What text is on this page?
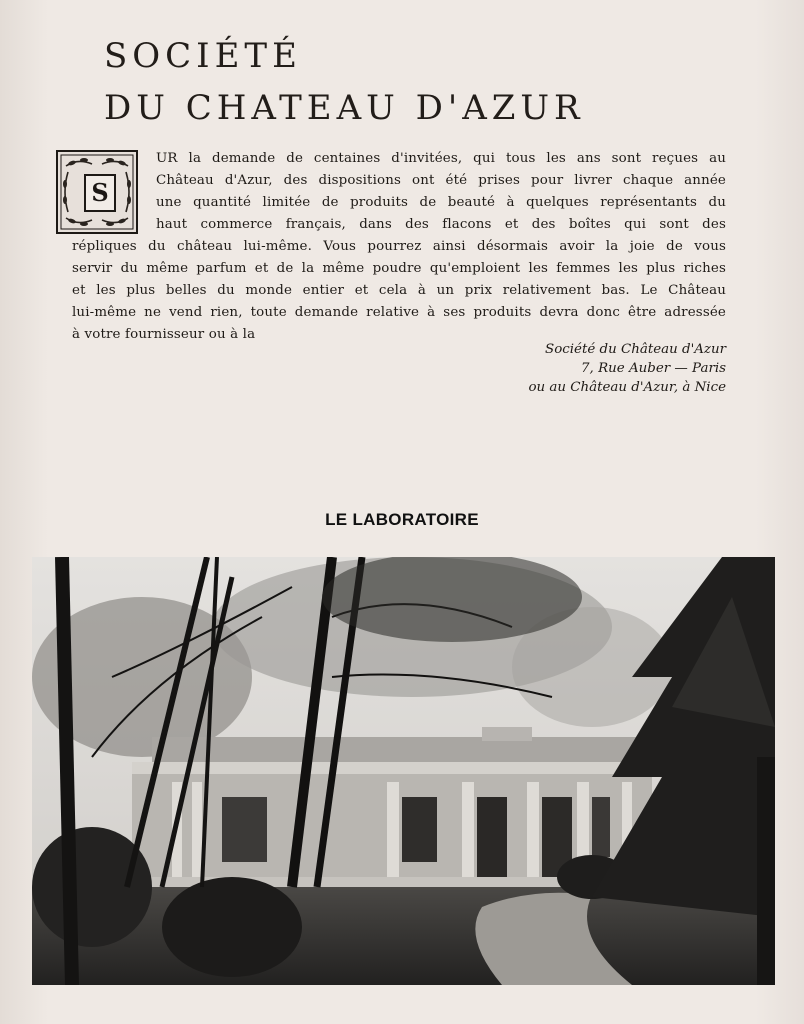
SOCIÉTÉ
DU CHATEAU D'AZUR
S
UR la demande de centaines d'invitées, qui tous les ans sont reçues au
Château d'Azur, des dispositions ont été prises pour livrer chaque année
une quantité limitée de produits de beauté à quelques représentants du
haut commerce français, dans des flacons et des boîtes qui sont des
répliques du château lui-même. Vous pourrez ainsi désormais avoir la joie de vous
servir du même parfum et de la même poudre qu'emploient les femmes les plus riches
et les plus belles du monde entier et cela à un prix relativement bas. Le Château
lui-même ne vend rien, toute demande relative à ses produits devra donc être adressée
à votre fournisseur ou à la
Société du Château d'Azur
7, Rue Auber — Paris
ou au Château d'Azur, à Nice
LE LABORATOIRE
